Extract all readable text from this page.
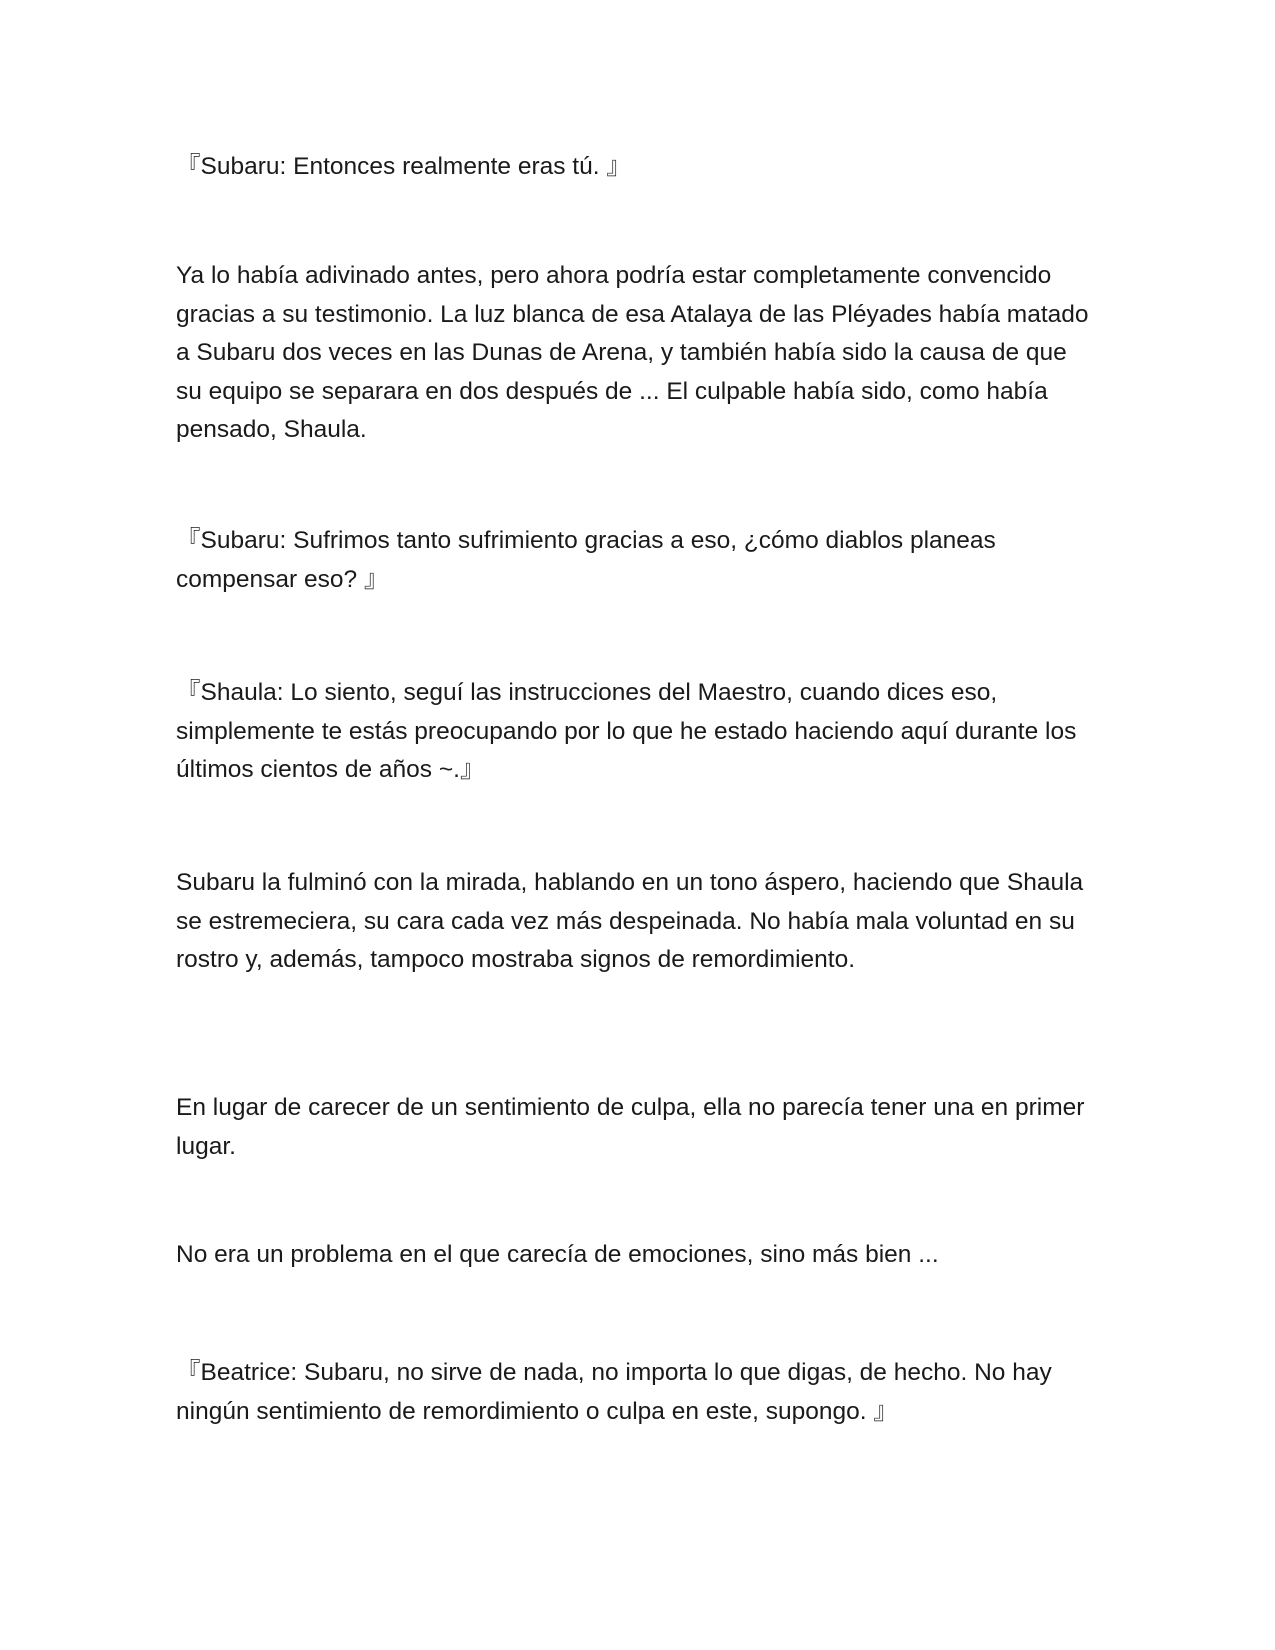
『Subaru: Entonces realmente eras tú. 』

Ya lo había adivinado antes, pero ahora podría estar completamente convencido gracias a su testimonio. La luz blanca de esa Atalaya de las Pléyades había matado a Subaru dos veces en las Dunas de Arena, y también había sido la causa de que su equipo se separara en dos después de ... El culpable había sido, como había pensado, Shaula.

『Subaru: Sufrimos tanto sufrimiento gracias a eso, ¿cómo diablos planeas compensar eso? 』

『Shaula: Lo siento, seguí las instrucciones del Maestro, cuando dices eso, simplemente te estás preocupando por lo que he estado haciendo aquí durante los últimos cientos de años ~.』

Subaru la fulminó con la mirada, hablando en un tono áspero, haciendo que Shaula se estremeciera, su cara cada vez más despeinada. No había mala voluntad en su rostro y, además, tampoco mostraba signos de remordimiento.

En lugar de carecer de un sentimiento de culpa, ella no parecía tener una en primer lugar.

No era un problema en el que carecía de emociones, sino más bien ...

『Beatrice: Subaru, no sirve de nada, no importa lo que digas, de hecho. No hay ningún sentimiento de remordimiento o culpa en este, supongo. 』
